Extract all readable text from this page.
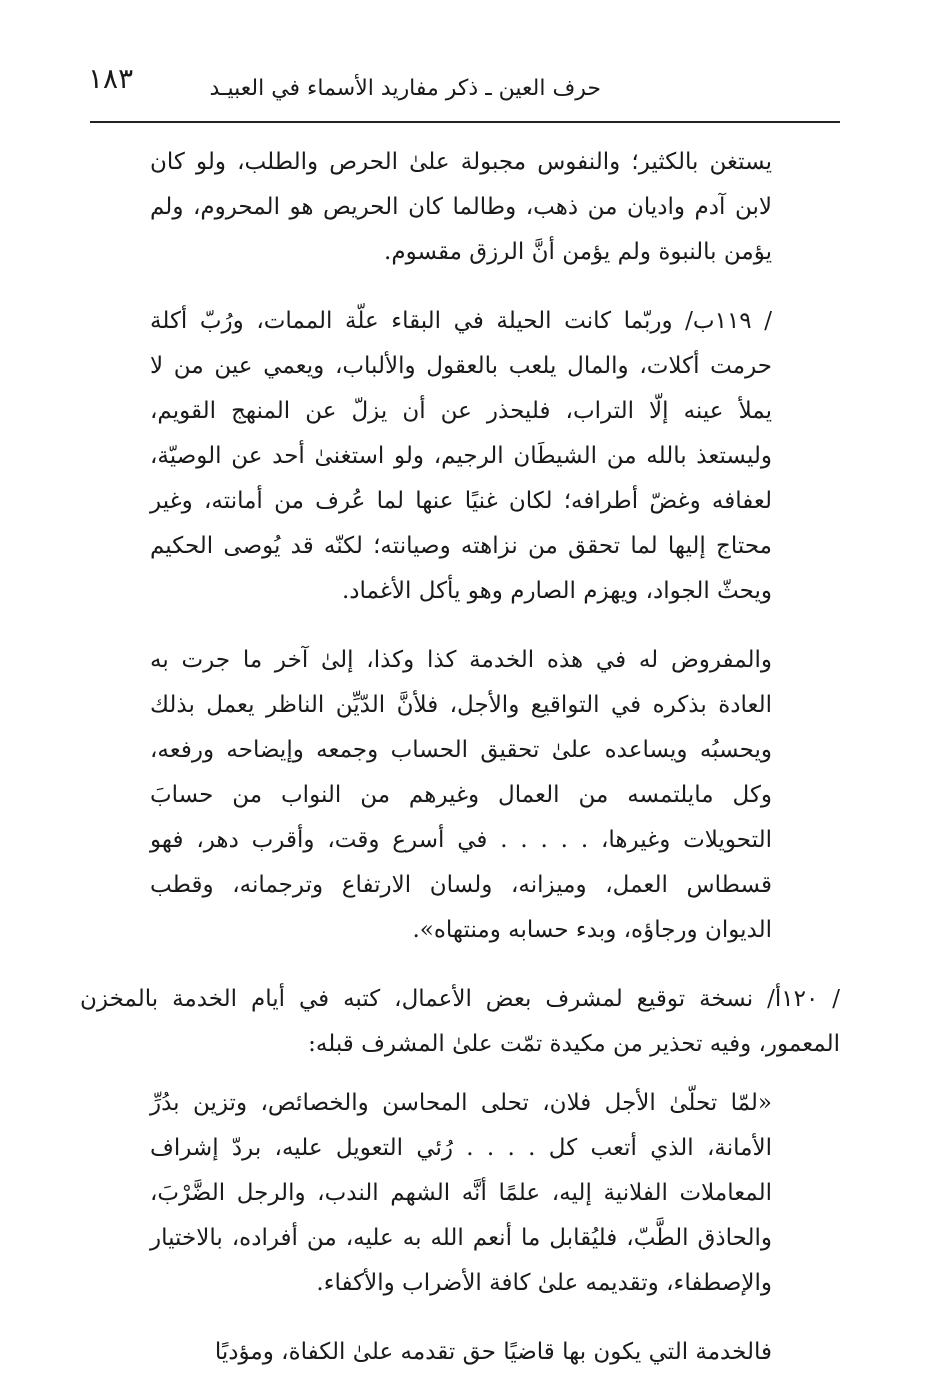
١٨٣	حرف العين ـ ذكر مفاريد الأسماء في العبيـد

يستغن بالكثير؛ والنفوس مجبولة علىٰ الحرص والطلب، ولو كان لابن آدم واديان من ذهب، وطالما كان الحريص هو المحروم، ولم يؤمن بالنبوة ولم يؤمن أنَّ الرزق مقسوم.

/ ١١٩ب/ وربّما كانت الحيلة في البقاء علّة الممات، ورُبّ أكلة حرمت أكلات، والمال يلعب بالعقول والألباب، ويعمي عين من لا يملأ عينه إلّا التراب، فليحذر عن أن يزلّ عن المنهج القويم، وليستعذ بالله من الشيطَان الرجيم، ولو استغنىٰ أحد عن الوصيّة، لعفافه وغضّ أطرافه؛ لكان غنيًا عنها لما عُرف من أمانته، وغير محتاج إليها لما تحقق من نزاهته وصيانته؛ لكنّه قد يُوصى الحكيم ويحثّ الجواد، ويهزم الصارم وهو يأكل الأغماد.

والمفروض له في هذه الخدمة كذا وكذا، إلىٰ آخر ما جرت به العادة بذكره في التواقيع والأجل، فلأنَّ الدّيِّن الناظر يعمل بذلك ويحسبُه ويساعده علىٰ تحقيق الحساب وجمعه وإيضاحه ورفعه، وكل مايلتمسه من العمال وغيرهم من النواب من حسابَ التحويلات وغيرها، . . . . . في أسرع وقت، وأقرب دهر، فهو قسطاس العمل، وميزانه، ولسان الارتفاع وترجمانه، وقطب الديوان ورجاؤه، وبدء حسابه ومنتهاه».

/ ١٢٠أ/ نسخة توقيع لمشرف بعض الأعمال، كتبه في أيام الخدمة بالمخزن المعمور، وفيه تحذير من مكيدة تمّت علىٰ المشرف قبله:

«لمّا تحلّىٰ الأجل فلان، تحلى المحاسن والخصائص، وتزين بدُرِّ الأمانة، الذي أتعب كل . . . . رُئي التعويل عليه، بردّ إشراف المعاملات الفلانية إليه، علمًا أنَّه الشهم الندب، والرجل الضَّرْبَ، والحاذق الطَّبّ، فليُقابل ما أنعم الله به عليه، من أفراده، بالاختيار والإصطفاء، وتقديمه علىٰ كافة الأضراب والأكفاء.

فالخدمة التي يكون بها قاضيًا حق تقدمه علىٰ الكفاة، ومؤديًا
